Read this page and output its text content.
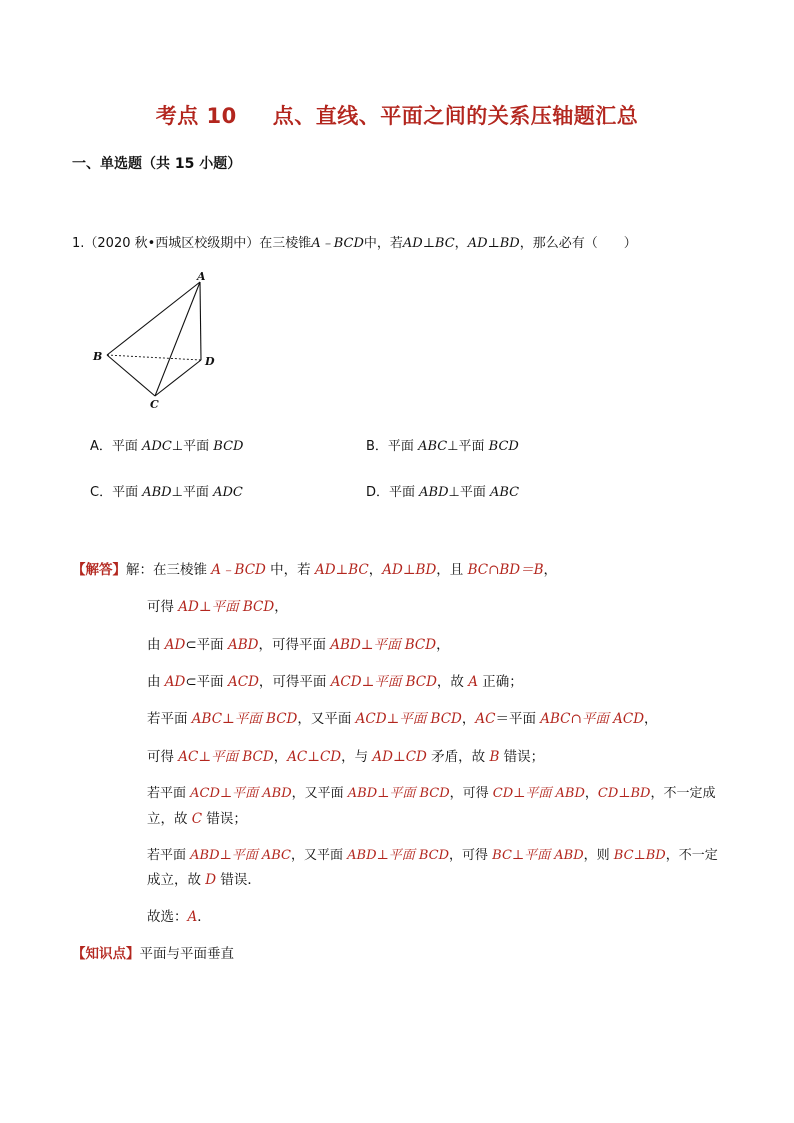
考点 10 点、直线、平面之间的关系压轴题汇总
一、单选题（共 15 小题）
1.（2020 秋•西城区校级期中）在三棱锥A﹣BCD中，若AD⊥BC，AD⊥BD，那么必有（　　）
A
B
C
D
A．平面 ADC⊥平面 BCD	B．平面 ABC⊥平面 BCD
C．平面 ABD⊥平面 ADC	D．平面 ABD⊥平面 ABC
【解答】解：在三棱锥 A﹣BCD 中，若 AD⊥BC，AD⊥BD，且 BC∩BD＝B，
可得 AD⊥平面 BCD，
由 AD⊂平面 ABD，可得平面 ABD⊥平面 BCD，
由 AD⊂平面 ACD，可得平面 ACD⊥平面 BCD，故 A 正确；
若平面 ABC⊥平面 BCD，又平面 ACD⊥平面 BCD，AC＝平面 ABC∩平面 ACD，
可得 AC⊥平面 BCD，AC⊥CD，与 AD⊥CD 矛盾，故 B 错误；
若平面 ACD⊥平面 ABD，又平面 ABD⊥平面 BCD，可得 CD⊥平面 ABD，CD⊥BD，不一定成
立，故 C 错误；
若平面 ABD⊥平面 ABC，又平面 ABD⊥平面 BCD，可得 BC⊥平面 ABD，则 BC⊥BD，不一定
成立，故 D 错误．
故选：A．
【知识点】平面与平面垂直
